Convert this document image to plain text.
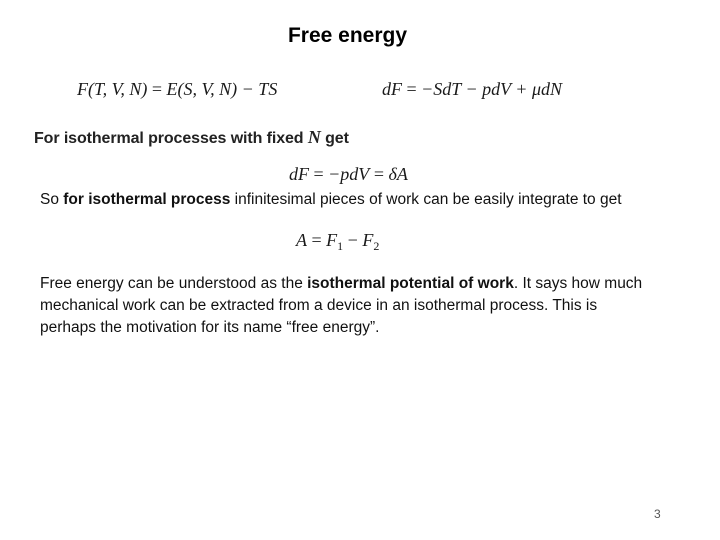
Free energy
F(T, V, N) = E(S, V, N) − TS	dF = −SdT − pdV + μdN
For isothermal processes with fixed N get
dF = −pdV = δA
So for isothermal process infinitesimal pieces of work can be easily integrate to get
$A = F_1 - F_2$
Free energy can be understood as the isothermal potential of work. It says how much
mechanical work can be extracted from a device in an isothermal process. This is
perhaps the motivation for its name “free energy”.
3
